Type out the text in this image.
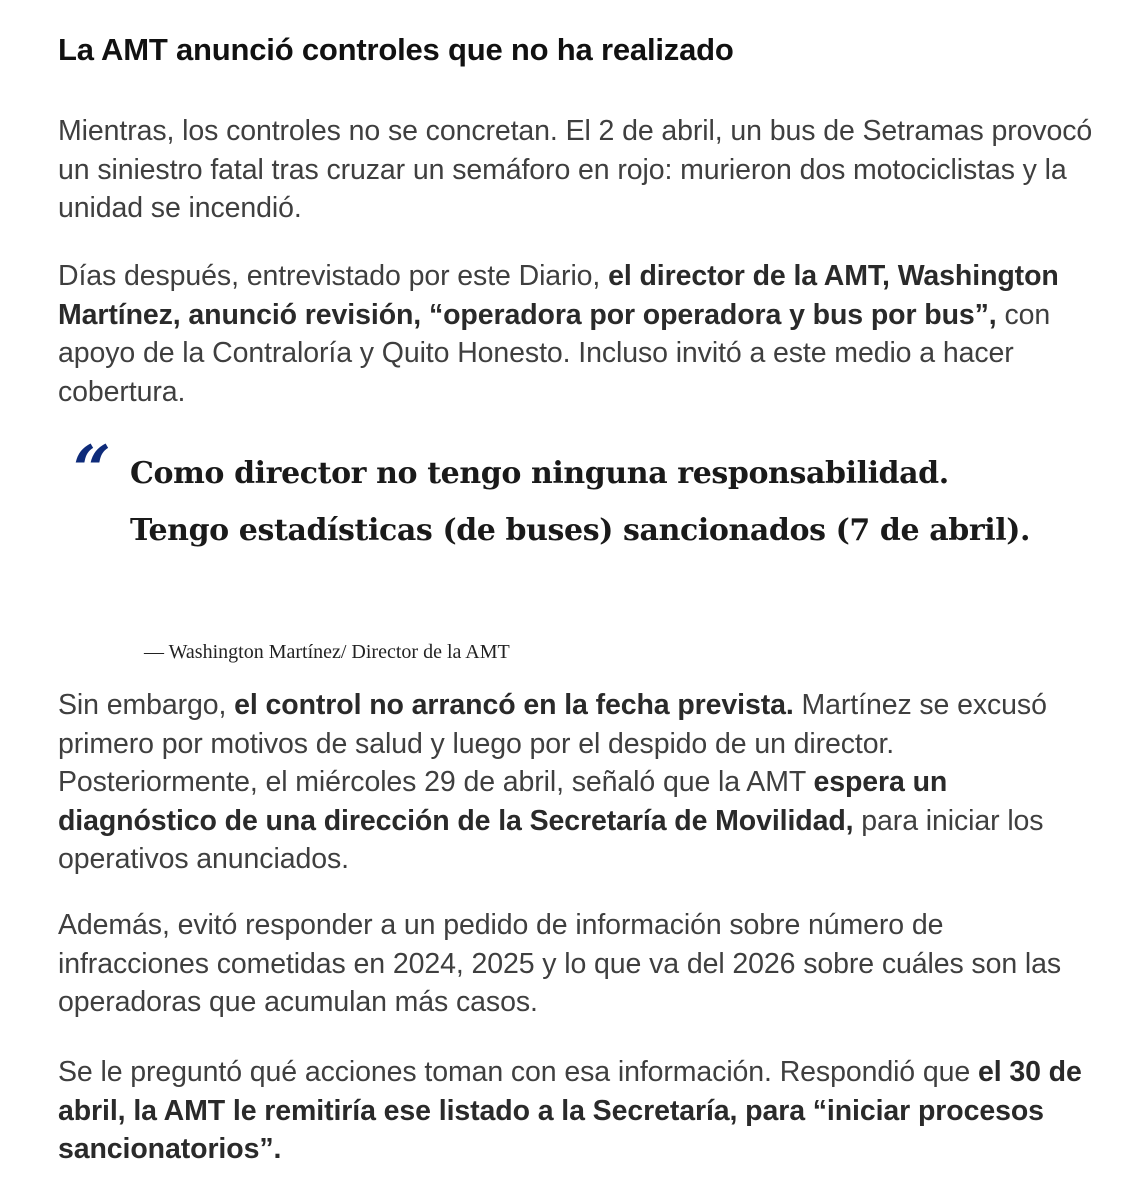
La AMT anunció controles que no ha realizado

Mientras, los controles no se concretan. El 2 de abril, un bus de Setramas provocó un siniestro fatal tras cruzar un semáforo en rojo: murieron dos motociclistas y la unidad se incendió.

Días después, entrevistado por este Diario, el director de la AMT, Washington Martínez, anunció revisión, “operadora por operadora y bus por bus”, con apoyo de la Contraloría y Quito Honesto. Incluso invitó a este medio a hacer cobertura.

“ Como director no tengo ninguna responsabilidad.
Tengo estadísticas (de buses) sancionados (7 de abril).
— Washington Martínez/ Director de la AMT

Sin embargo, el control no arrancó en la fecha prevista. Martínez se excusó primero por motivos de salud y luego por el despido de un director. Posteriormente, el miércoles 29 de abril, señaló que la AMT espera un diagnóstico de una dirección de la Secretaría de Movilidad, para iniciar los operativos anunciados.

Además, evitó responder a un pedido de información sobre número de infracciones cometidas en 2024, 2025 y lo que va del 2026 sobre cuáles son las operadoras que acumulan más casos.

Se le preguntó qué acciones toman con esa información. Respondió que el 30 de abril, la AMT le remitiría ese listado a la Secretaría, para “iniciar procesos sancionatorios”.
